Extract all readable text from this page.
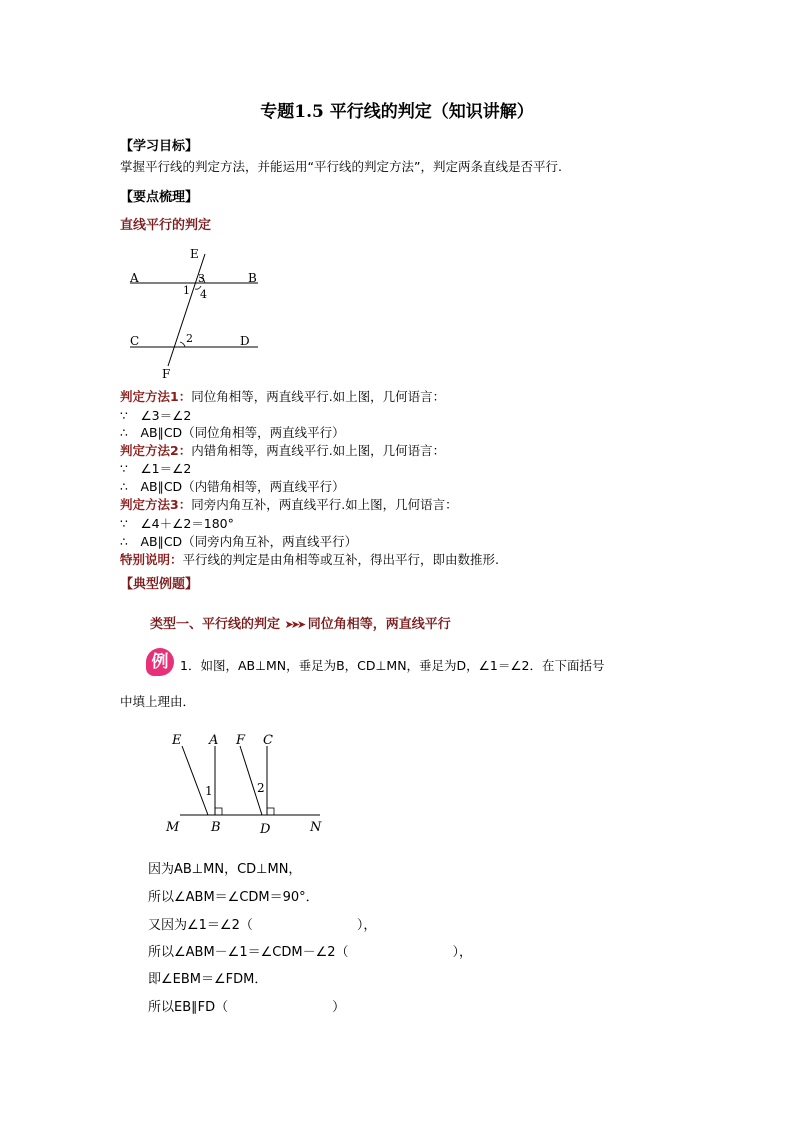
专题1.5 平行线的判定（知识讲解）
【学习目标】
掌握平行线的判定方法，并能运用“平行线的判定方法”，判定两条直线是否平行.
【要点梳理】
直线平行的判定
E
A	B
3
1 4
C	D
2
F
判定方法1：同位角相等，两直线平行.如上图，几何语言：
∵　∠3＝∠2
∴　AB∥CD（同位角相等，两直线平行）
判定方法2：内错角相等，两直线平行.如上图，几何语言：
∵　∠1＝∠2
∴　AB∥CD（内错角相等，两直线平行）
判定方法3：同旁内角互补，两直线平行.如上图，几何语言：
∵　∠4＋∠2＝180°
∴　AB∥CD（同旁内角互补，两直线平行）
特别说明：平行线的判定是由角相等或互补，得出平行，即由数推形.
【典型例题】
类型一、平行线的判定 ➤➤➤ 同位角相等，两直线平行
例 1．如图，AB⊥MN，垂足为B，CD⊥MN，垂足为D，∠1＝∠2．在下面括号
中填上理由．
E A F C
1	2
M B	D	N
因为AB⊥MN，CD⊥MN，
所以∠ABM＝∠CDM＝90°．
又因为∠1＝∠2（　　　　　　　　），
所以∠ABM－∠1＝∠CDM－∠2（　　　　　　　　），
即∠EBM＝∠FDM．
所以EB∥FD（　　　　　　　　）
